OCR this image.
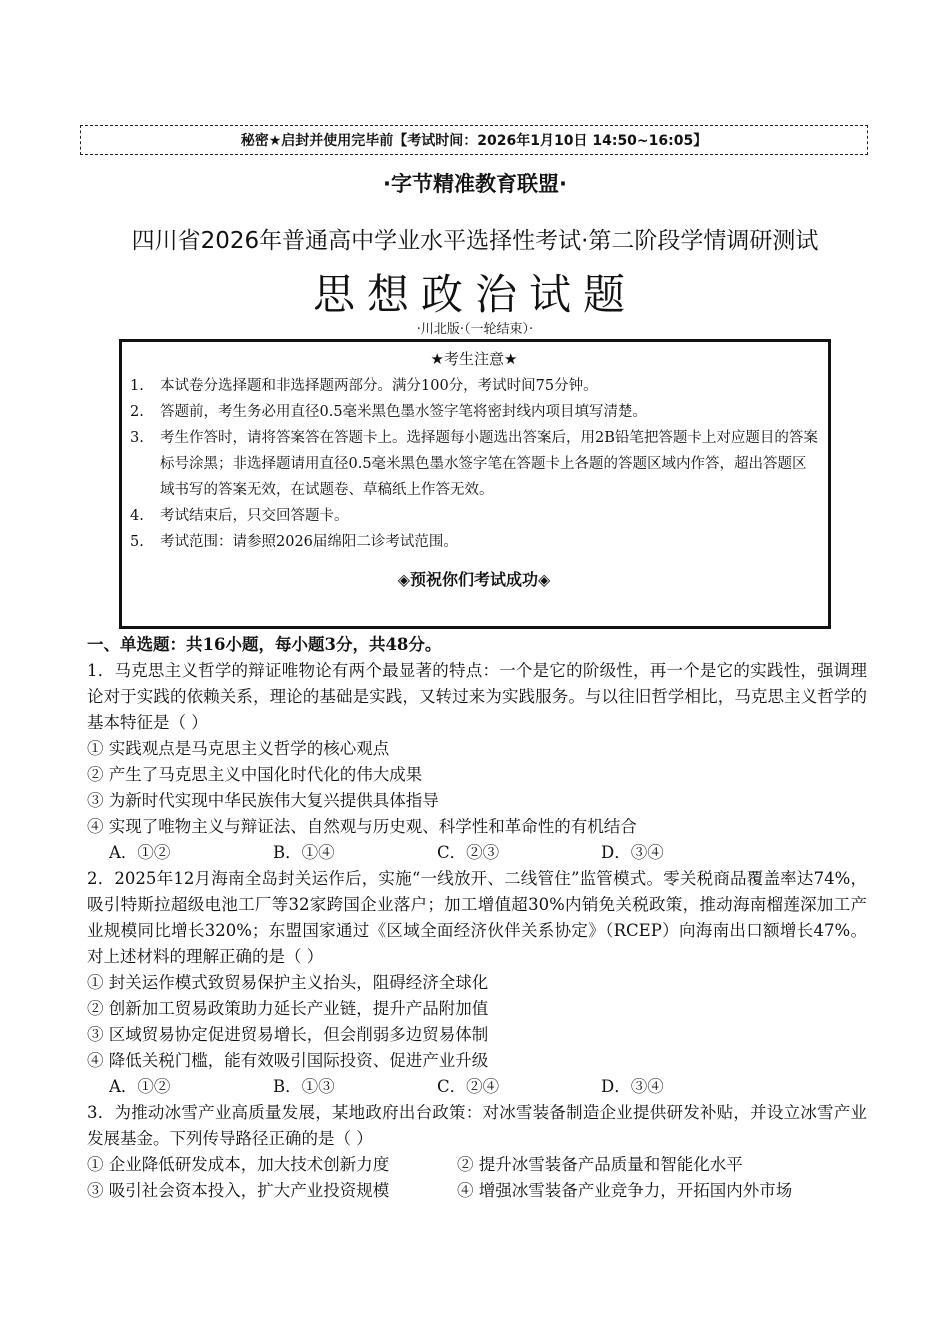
秘密★启封并使用完毕前【考试时间：2026年1月10日 14:50~16:05】
·字节精准教育联盟·
四川省2026年普通高中学业水平选择性考试·第二阶段学情调研测试
思想政治试题
·川北版·（一轮结束）·
★考生注意★
1.	本试卷分选择题和非选择题两部分。满分100分，考试时间75分钟。
2.	答题前，考生务必用直径0.5毫米黑色墨水签字笔将密封线内项目填写清楚。
3.	考生作答时，请将答案答在答题卡上。选择题每小题选出答案后，用2B铅笔把答题卡上对应题目的答案标号涂黑；非选择题请用直径0.5毫米黑色墨水签字笔在答题卡上各题的答题区域内作答，超出答题区域书写的答案无效，在试题卷、草稿纸上作答无效。
4.	考试结束后，只交回答题卡。
5.	考试范围：请参照2026届绵阳二诊考试范围。
◈预祝你们考试成功◈
一、单选题：共16小题，每小题3分，共48分。
1．马克思主义哲学的辩证唯物论有两个最显著的特点：一个是它的阶级性，再一个是它的实践性，强调理论对于实践的依赖关系，理论的基础是实践，又转过来为实践服务。与以往旧哲学相比，马克思主义哲学的基本特征是（ ）
① 实践观点是马克思主义哲学的核心观点
② 产生了马克思主义中国化时代化的伟大成果
③ 为新时代实现中华民族伟大复兴提供具体指导
④ 实现了唯物主义与辩证法、自然观与历史观、科学性和革命性的有机结合
A．①②	B．①④	C．②③	D．③④
2．2025年12月海南全岛封关运作后，实施“一线放开、二线管住”监管模式。零关税商品覆盖率达74%，吸引特斯拉超级电池工厂等32家跨国企业落户；加工增值超30%内销免关税政策，推动海南榴莲深加工产业规模同比增长320%；东盟国家通过《区域全面经济伙伴关系协定》（RCEP）向海南出口额增长47%。对上述材料的理解正确的是（ ）
① 封关运作模式致贸易保护主义抬头，阻碍经济全球化
② 创新加工贸易政策助力延长产业链，提升产品附加值
③ 区域贸易协定促进贸易增长，但会削弱多边贸易体制
④ 降低关税门槛，能有效吸引国际投资、促进产业升级
A．①②	B．①③	C．②④	D．③④
3．为推动冰雪产业高质量发展，某地政府出台政策：对冰雪装备制造企业提供研发补贴，并设立冰雪产业发展基金。下列传导路径正确的是（ ）
① 企业降低研发成本，加大技术创新力度	② 提升冰雪装备产品质量和智能化水平
③ 吸引社会资本投入，扩大产业投资规模	④ 增强冰雪装备产业竞争力，开拓国内外市场
